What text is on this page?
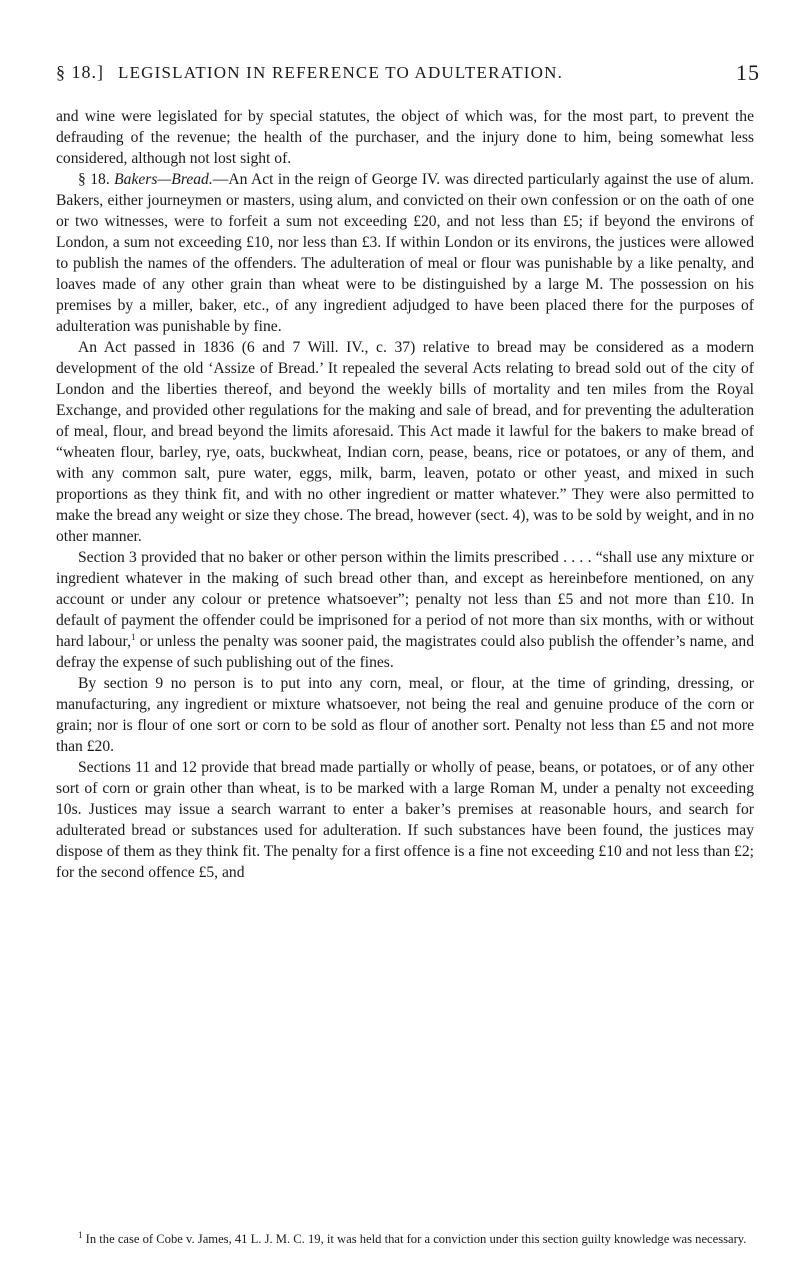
§ 18.] LEGISLATION IN REFERENCE TO ADULTERATION.	15

and wine were legislated for by special statutes, the object of which was, for the most part, to prevent the defrauding of the revenue; the health of the purchaser, and the injury done to him, being somewhat less considered, although not lost sight of.

§ 18. Bakers—Bread.—An Act in the reign of George IV. was directed particularly against the use of alum. Bakers, either journeymen or masters, using alum, and convicted on their own confession or on the oath of one or two witnesses, were to forfeit a sum not exceeding £20, and not less than £5; if beyond the environs of London, a sum not exceeding £10, nor less than £3. If within London or its environs, the justices were allowed to publish the names of the offenders. The adulteration of meal or flour was punishable by a like penalty, and loaves made of any other grain than wheat were to be distinguished by a large M. The possession on his premises by a miller, baker, etc., of any ingredient adjudged to have been placed there for the purposes of adulteration was punishable by fine.

An Act passed in 1836 (6 and 7 Will. IV., c. 37) relative to bread may be considered as a modern development of the old ‘Assize of Bread.’ It repealed the several Acts relating to bread sold out of the city of London and the liberties thereof, and beyond the weekly bills of mortality and ten miles from the Royal Exchange, and provided other regulations for the making and sale of bread, and for preventing the adulteration of meal, flour, and bread beyond the limits aforesaid. This Act made it lawful for the bakers to make bread of “wheaten flour, barley, rye, oats, buckwheat, Indian corn, pease, beans, rice or potatoes, or any of them, and with any common salt, pure water, eggs, milk, barm, leaven, potato or other yeast, and mixed in such proportions as they think fit, and with no other ingredient or matter whatever.” They were also permitted to make the bread any weight or size they chose. The bread, however (sect. 4), was to be sold by weight, and in no other manner.

Section 3 provided that no baker or other person within the limits prescribed . . . . “shall use any mixture or ingredient whatever in the making of such bread other than, and except as hereinbefore mentioned, on any account or under any colour or pretence whatsoever”; penalty not less than £5 and not more than £10. In default of payment the offender could be imprisoned for a period of not more than six months, with or without hard labour,$^1$ or unless the penalty was sooner paid, the magistrates could also publish the offender’s name, and defray the expense of such publishing out of the fines.

By section 9 no person is to put into any corn, meal, or flour, at the time of grinding, dressing, or manufacturing, any ingredient or mixture whatsoever, not being the real and genuine produce of the corn or grain; nor is flour of one sort or corn to be sold as flour of another sort. Penalty not less than £5 and not more than £20.

Sections 11 and 12 provide that bread made partially or wholly of pease, beans, or potatoes, or of any other sort of corn or grain other than wheat, is to be marked with a large Roman M, under a penalty not exceeding 10s. Justices may issue a search warrant to enter a baker’s premises at reasonable hours, and search for adulterated bread or substances used for adulteration. If such substances have been found, the justices may dispose of them as they think fit. The penalty for a first offence is a fine not exceeding £10 and not less than £2; for the second offence £5, and

$^1$ In the case of Cobe v. James, 41 L. J. M. C. 19, it was held that for a conviction under this section guilty knowledge was necessary.
